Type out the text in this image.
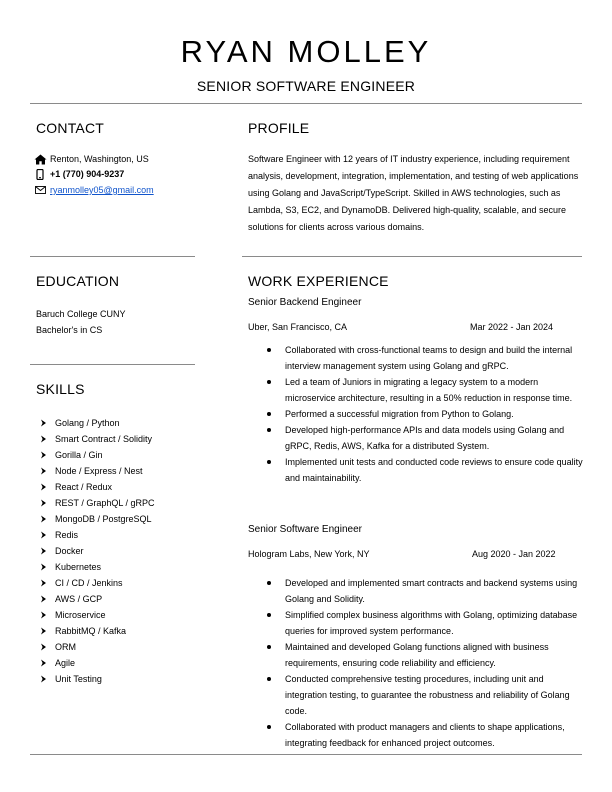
RYAN MOLLEY
SENIOR SOFTWARE ENGINEER
CONTACT
Renton, Washington, US
+1 (770) 904-9237
ryanmolley05@gmail.com
EDUCATION
Baruch College CUNY
Bachelor's in CS
SKILLS
Golang / Python
Smart Contract / Solidity
Gorilla / Gin
Node / Express / Nest
React / Redux
REST / GraphQL / gRPC
MongoDB / PostgreSQL
Redis
Docker
Kubernetes
CI / CD / Jenkins
AWS / GCP
Microservice
RabbitMQ / Kafka
ORM
Agile
Unit Testing
PROFILE
Software Engineer with 12 years of IT industry experience, including requirement analysis, development, integration, implementation, and testing of web applications using Golang and JavaScript/TypeScript. Skilled in AWS technologies, such as Lambda, S3, EC2, and DynamoDB. Delivered high-quality, scalable, and secure solutions for clients across various domains.
WORK EXPERIENCE
Senior Backend Engineer
Uber, San Francisco, CA	Mar 2022 - Jan 2024
Collaborated with cross-functional teams to design and build the internal interview management system using Golang and gRPC.
Led a team of Juniors in migrating a legacy system to a modern microservice architecture, resulting in a 50% reduction in response time.
Performed a successful migration from Python to Golang.
Developed high-performance APIs and data models using Golang and gRPC, Redis, AWS, Kafka for a distributed System.
Implemented unit tests and conducted code reviews to ensure code quality and maintainability.
Senior Software Engineer
Hologram Labs, New York, NY	Aug 2020 - Jan 2022
Developed and implemented smart contracts and backend systems using Golang and Solidity.
Simplified complex business algorithms with Golang, optimizing database queries for improved system performance.
Maintained and developed Golang functions aligned with business requirements, ensuring code reliability and efficiency.
Conducted comprehensive testing procedures, including unit and integration testing, to guarantee the robustness and reliability of Golang code.
Collaborated with product managers and clients to shape applications, integrating feedback for enhanced project outcomes.
